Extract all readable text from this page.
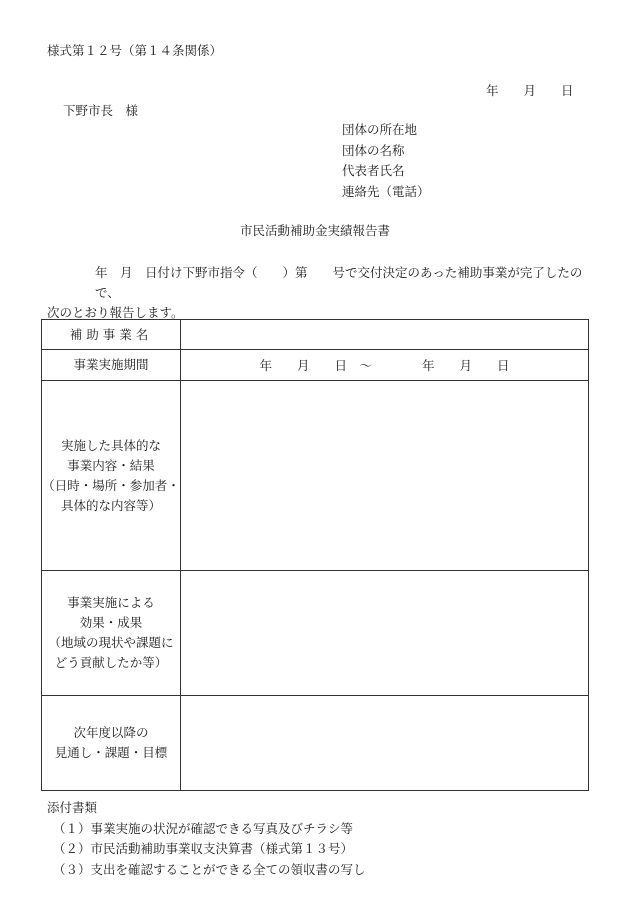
様式第１２号（第１４条関係）
年　　月　　日
下野市長　様
団体の所在地
団体の名称
代表者氏名
連絡先（電話）
市民活動補助金実績報告書
年　月　日付け下野市指令（　　）第　　号で交付決定のあった補助事業が完了したので、
次のとおり報告します。
補助事業名	
事業実施期間	年　　月　　日　～　　　　年　　月　　日

実施した具体的な
事業内容・結果
（日時・場所・参加者・
具体的な内容等）	

事業実施による
効果・成果
（地域の現状や課題に
どう貢献したか等）	

次年度以降の
見通し・課題・目標	

添付書類
（１）事業実施の状況が確認できる写真及びチラシ等
（２）市民活動補助事業収支決算書（様式第１３号）
（３）支出を確認することができる全ての領収書の写し
